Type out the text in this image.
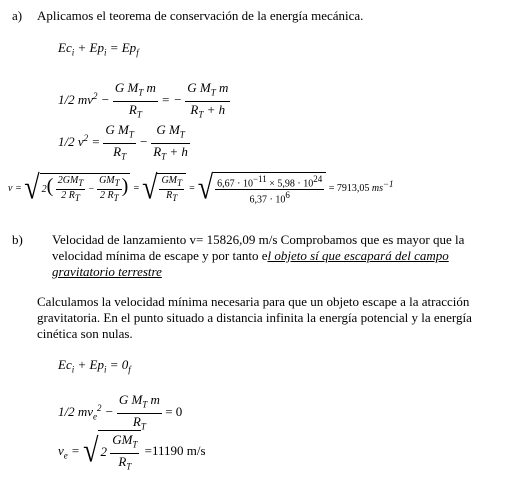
a) Aplicamos el teorema de conservación de la energía mecánica.
$Ec_i + Ep_i = Ep_f$
1/2 $mv^2 - \frac{G M_T m}{R_T}$ = − $\frac{G M_T m}{R_T + h}$
1/2 $v^2 = \frac{G M_T}{R_T} - \frac{G M_T}{R_T + h}$
v = √ $2( \frac{2GM_T}{2 R_T} - \frac{GM_T}{2 R_T}$ ) = √ $\frac{GM_T}{R_T}$ = √ $\frac{6,67 \cdot 10^{-11} \times 5,98 \cdot 10^{24}}{6,37 \cdot 10^6} = 7913,05$ $ms^{-1}$
b) Velocidad de lanzamiento v= 15826,09 m/s Comprobamos que es mayor que la
velocidad mínima de escape y por tanto el objeto sí que escapará del campo
gravitatorio terrestre
Calculamos la velocidad mínima necesaria para que un objeto escape a la atracción
gravitatoria. En el punto situado a distancia infinita la energía potencial y la energía
cinética son nulas.
$Ec_i + Ep_i = 0_f$
1/2 $mv_e^2 - \frac{G M_T m}{R_T} = 0$
$v_e$ = √ $2 \frac{GM_T}{R_T} =11190$ m/s
